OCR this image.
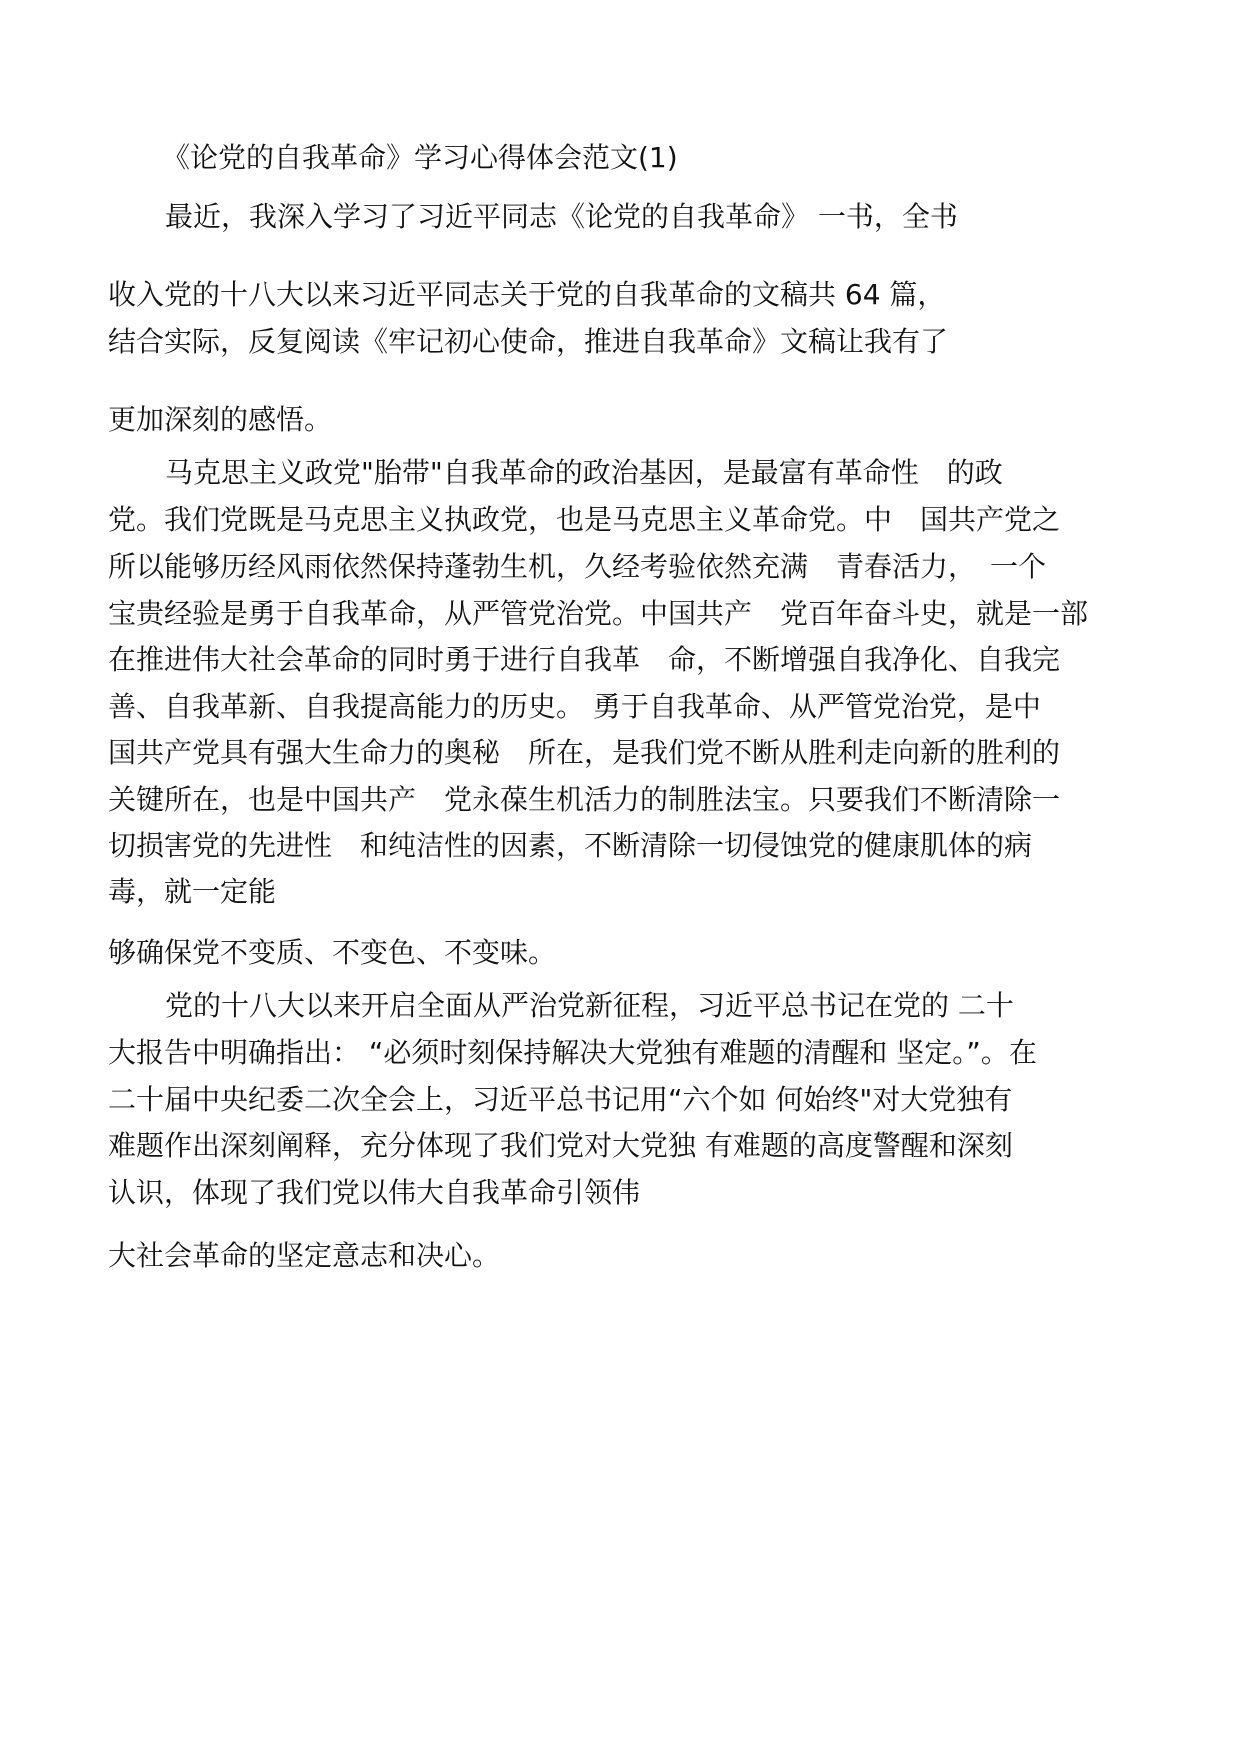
《论党的自我革命》学习心得体会范文(1)
最近，我深入学习了习近平同志《论党的自我革命》 一书，全书
收入党的十八大以来习近平同志关于党的自我革命的文稿共 64 篇，
结合实际，反复阅读《牢记初心使命，推进自我革命》文稿让我有了
更加深刻的感悟。
马克思主义政党"胎带"自我革命的政治基因，是最富有革命性　的政
党。我们党既是马克思主义执政党，也是马克思主义革命党。中　国共产党之
所以能够历经风雨依然保持蓬勃生机，久经考验依然充满　青春活力，　一个
宝贵经验是勇于自我革命，从严管党治党。中国共产　党百年奋斗史，就是一部
在推进伟大社会革命的同时勇于进行自我革　命，不断增强自我净化、自我完
善、自我革新、自我提高能力的历史。 勇于自我革命、从严管党治党，是中
国共产党具有强大生命力的奥秘　所在，是我们党不断从胜利走向新的胜利的
关键所在，也是中国共产　党永葆生机活力的制胜法宝。只要我们不断清除一
切损害党的先进性　和纯洁性的因素，不断清除一切侵蚀党的健康肌体的病
毒，就一定能
够确保党不变质、不变色、不变味。
党的十八大以来开启全面从严治党新征程，习近平总书记在党的 二十
大报告中明确指出： “必须时刻保持解决大党独有难题的清醒和 坚定。”。在
二十届中央纪委二次全会上，习近平总书记用“六个如 何始终"对大党独有
难题作出深刻阐释，充分体现了我们党对大党独 有难题的高度警醒和深刻
认识，体现了我们党以伟大自我革命引领伟
大社会革命的坚定意志和决心。
